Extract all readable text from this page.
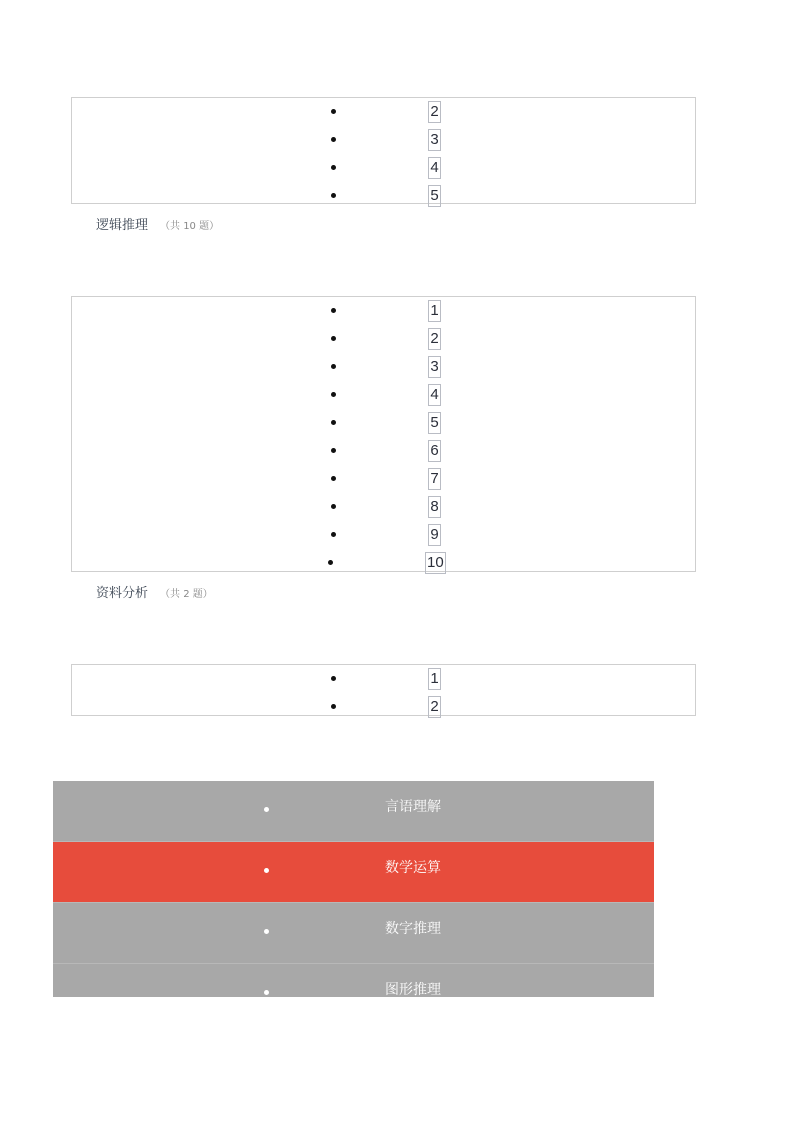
2
3
4
5
逻辑推理 （共 10 题）
1
2
3
4
5
6
7
8
9
10
资料分析 （共 2 题）
1
2
言语理解
数学运算
数字推理
图形推理
